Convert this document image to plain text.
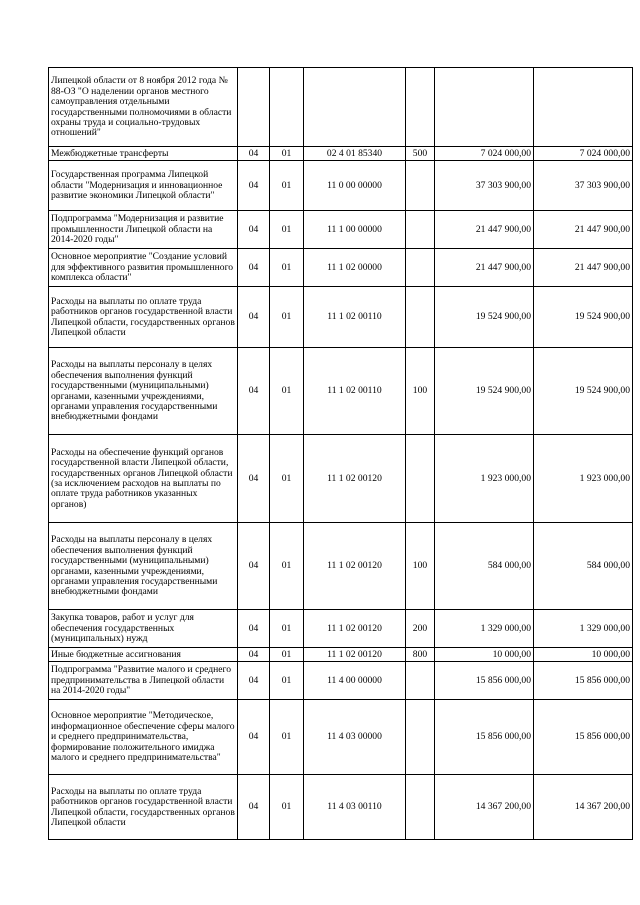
Липецкой области от 8 ноября 2012 года № 88-ОЗ "О наделении органов местного самоуправления отдельными государственными полномочиями в области охраны труда и социально-трудовых отношений"						
Межбюджетные трансферты	04	01	02 4 01 85340	500	7 024 000,00	7 024 000,00
Государственная программа Липецкой области "Модернизация и инновационное развитие экономики Липецкой области"	04	01	11 0 00 00000		37 303 900,00	37 303 900,00
Подпрограмма "Модернизация и развитие промышленности Липецкой области на 2014-2020 годы"	04	01	11 1 00 00000		21 447 900,00	21 447 900,00
Основное мероприятие "Создание условий для эффективного развития промышленного комплекса области"	04	01	11 1 02 00000		21 447 900,00	21 447 900,00
Расходы на выплаты по оплате труда работников органов государственной власти Липецкой области, государственных органов Липецкой области	04	01	11 1 02 00110		19 524 900,00	19 524 900,00
Расходы на выплаты персоналу в целях обеспечения выполнения функций государственными (муниципальными) органами, казенными учреждениями, органами управления государственными внебюджетными фондами	04	01	11 1 02 00110	100	19 524 900,00	19 524 900,00
Расходы на обеспечение функций органов государственной власти Липецкой области, государственных органов Липецкой области (за исключением расходов на выплаты по оплате труда работников указанных органов)	04	01	11 1 02 00120		1 923 000,00	1 923 000,00
Расходы на выплаты персоналу в целях обеспечения выполнения функций государственными (муниципальными) органами, казенными учреждениями, органами управления государственными внебюджетными фондами	04	01	11 1 02 00120	100	584 000,00	584 000,00
Закупка товаров, работ и услуг для обеспечения государственных (муниципальных) нужд	04	01	11 1 02 00120	200	1 329 000,00	1 329 000,00
Иные бюджетные ассигнования	04	01	11 1 02 00120	800	10 000,00	10 000,00
Подпрограмма "Развитие малого и среднего предпринимательства в Липецкой области на 2014-2020 годы"	04	01	11 4 00 00000		15 856 000,00	15 856 000,00
Основное мероприятие "Методическое, информационное обеспечение сферы малого и среднего предпринимательства, формирование положительного имиджа малого и среднего предпринимательства"	04	01	11 4 03 00000		15 856 000,00	15 856 000,00
Расходы на выплаты по оплате труда работников органов государственной власти Липецкой области, государственных органов Липецкой области	04	01	11 4 03 00110		14 367 200,00	14 367 200,00
